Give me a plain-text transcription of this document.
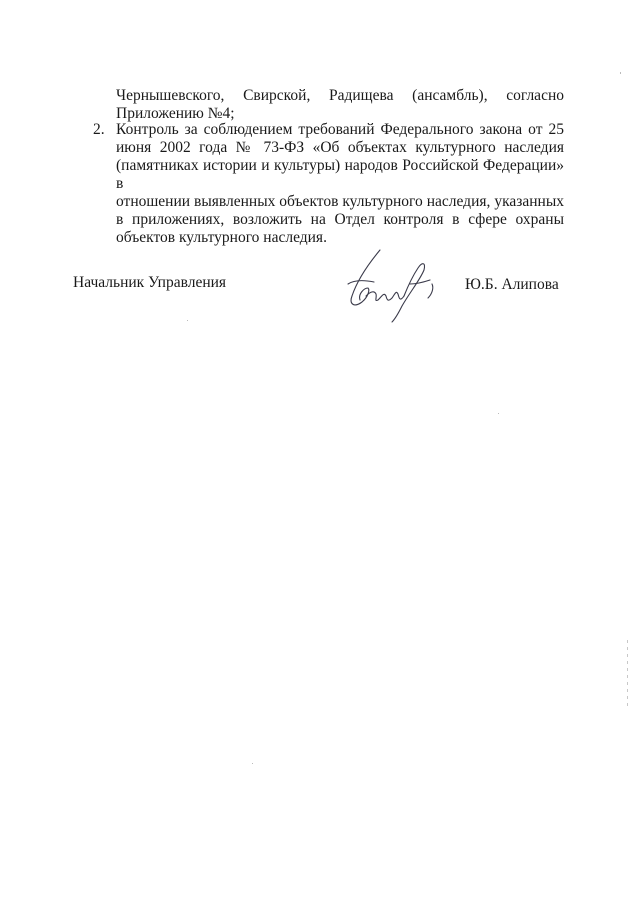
Чернышевского, Свирской, Радищева (ансамбль), согласно
Приложению №4;
2. Контроль за соблюдением требований Федерального закона от 25
июня 2002 года № 73-ФЗ «Об объектах культурного наследия
(памятниках истории и культуры) народов Российской Федерации» в
отношении выявленных объектов культурного наследия, указанных
в приложениях, возложить на Отдел контроля в сфере охраны
объектов культурного наследия.
Начальник Управления	Ю.Б. Алипова
